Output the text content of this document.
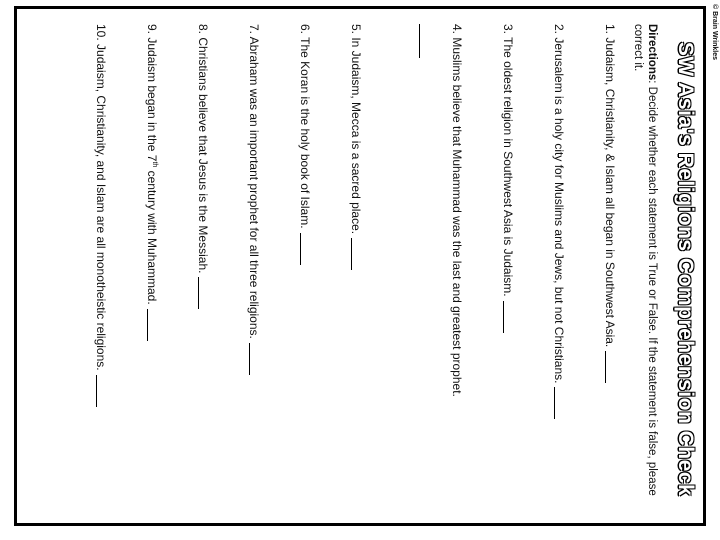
© Brain Wrinkles
SW Asia's Religions Comprehension Check
Directions: Decide whether each statement is True or False. If the statement is false, please correct it.
1. Judaism, Christianity, & Islam all began in Southwest Asia.
2. Jerusalem is a holy city for Muslims and Jews, but not Christians.
3. The oldest religion in Southwest Asia is Judaism.
4. Muslims believe that Muhammad was the last and greatest prophet.
5. In Judaism, Mecca is a sacred place.
6. The Koran is the holy book of Islam.
7. Abraham was an important prophet for all three religions.
8. Christians believe that Jesus is the Messiah.
9. Judaism began in the 7th century with Muhammad.
10. Judaism, Christianity, and Islam are all monotheistic religions.
